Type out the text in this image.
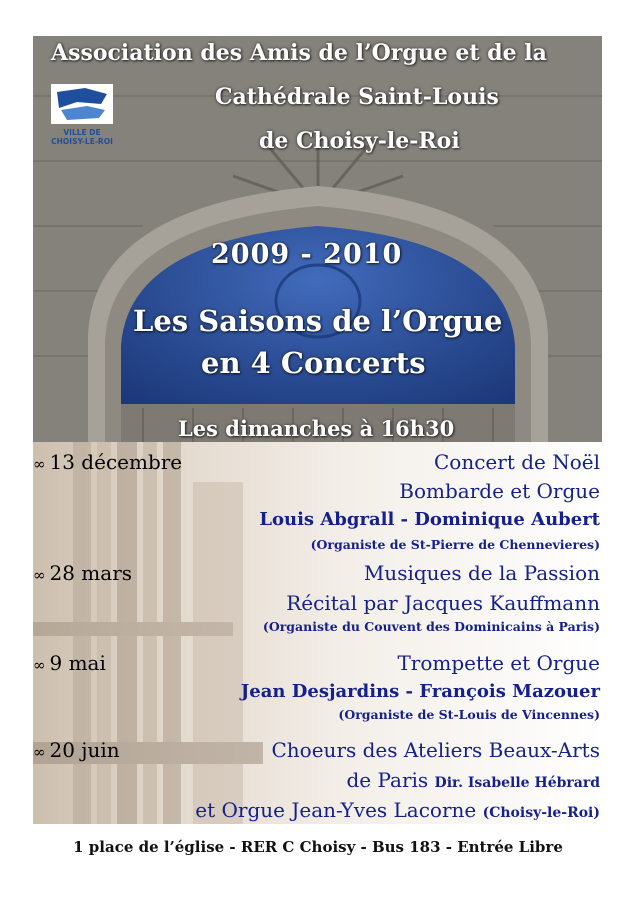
VILLE DE
CHOISY-LE-ROI
Association des Amis de l’Orgue et de la
Cathédrale Saint-Louis
de Choisy-le-Roi
2009 - 2010
Les Saisons de l’Orgue
en 4 Concerts
Les dimanches à 16h30
∞ 13 décembre	Concert de Noël
Bombarde et Orgue
Louis Abgrall - Dominique Aubert
(Organiste de St-Pierre de Chennevieres)
∞ 28 mars	Musiques de la Passion
Récital par Jacques Kauffmann
(Organiste du Couvent des Dominicains à Paris)
∞ 9 mai	Trompette et Orgue
Jean Desjardins - François Mazouer
(Organiste de St-Louis de Vincennes)
∞ 20 juin	Choeurs des Ateliers Beaux-Arts
de Paris Dir. Isabelle Hébrard
et Orgue Jean-Yves Lacorne (Choisy-le-Roi)
1 place de l’église - RER C Choisy - Bus 183 - Entrée Libre
